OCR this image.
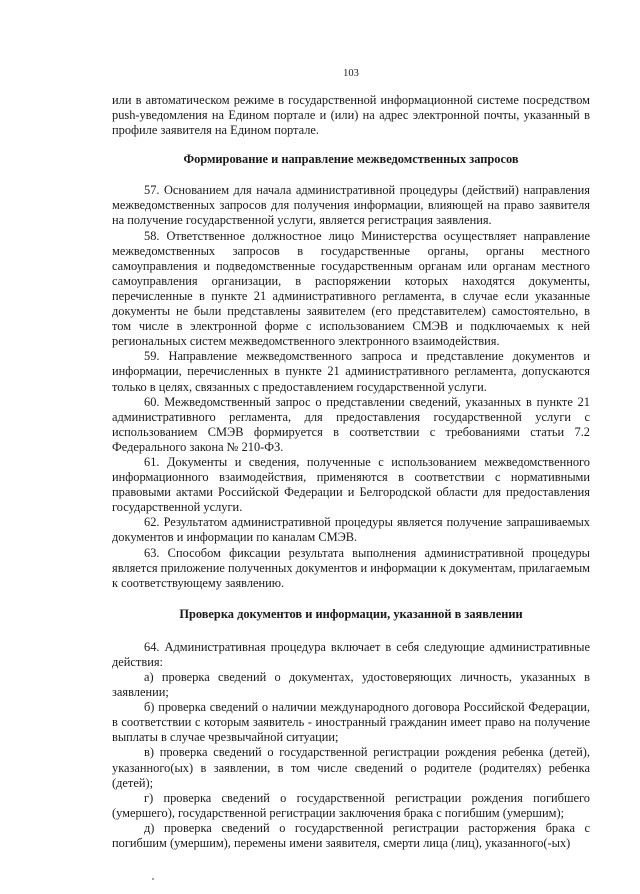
103

или в автоматическом режиме в государственной информационной системе посредством push-уведомления на Едином портале и (или) на адрес электронной почты, указанный в профиле заявителя на Едином портале.

Формирование и направление межведомственных запросов

57. Основанием для начала административной процедуры (действий) направления межведомственных запросов для получения информации, влияющей на право заявителя на получение государственной услуги, является регистрация заявления.

58. Ответственное должностное лицо Министерства осуществляет направление межведомственных запросов в государственные органы, органы местного самоуправления и подведомственные государственным органам или органам местного самоуправления организации, в распоряжении которых находятся документы, перечисленные в пункте 21 административного регламента, в случае если указанные документы не были представлены заявителем (его представителем) самостоятельно, в том числе в электронной форме с использованием СМЭВ и подключаемых к ней региональных систем межведомственного электронного взаимодействия.

59. Направление межведомственного запроса и представление документов и информации, перечисленных в пункте 21 административного регламента, допускаются только в целях, связанных с предоставлением государственной услуги.

60. Межведомственный запрос о представлении сведений, указанных в пункте 21 административного регламента, для предоставления государственной услуги с использованием СМЭВ формируется в соответствии с требованиями статьи 7.2 Федерального закона № 210-ФЗ.

61. Документы и сведения, полученные с использованием межведомственного информационного взаимодействия, применяются в соответствии с нормативными правовыми актами Российской Федерации и Белгородской области для предоставления государственной услуги.

62. Результатом административной процедуры является получение запрашиваемых документов и информации по каналам СМЭВ.

63. Способом фиксации результата выполнения административной процедуры является приложение полученных документов и информации к документам, прилагаемым к соответствующему заявлению.

Проверка документов и информации, указанной в заявлении

64. Административная процедура включает в себя следующие административные действия:

а) проверка сведений о документах, удостоверяющих личность, указанных в заявлении;

б) проверка сведений о наличии международного договора Российской Федерации, в соответствии с которым заявитель - иностранный гражданин имеет право на получение выплаты в случае чрезвычайной ситуации;

в) проверка сведений о государственной регистрации рождения ребенка (детей), указанного(ых) в заявлении, в том числе сведений о родителе (родителях) ребенка (детей);

г) проверка сведений о государственной регистрации рождения погибшего (умершего), государственной регистрации заключения брака с погибшим (умершим);

д) проверка сведений о государственной регистрации расторжения брака с погибшим (умершим), перемены имени заявителя, смерти лица (лиц), указанного(-ых)
